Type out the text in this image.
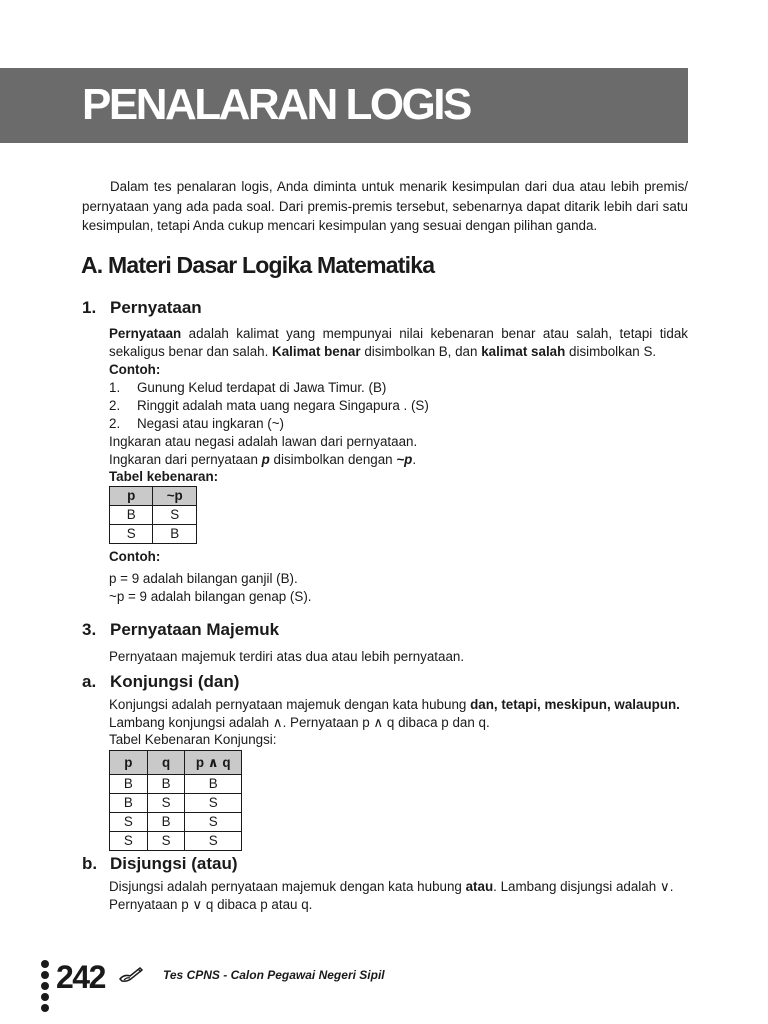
PENALARAN LOGIS

Dalam tes penalaran logis, Anda diminta untuk menarik kesimpulan dari dua atau lebih premis/ pernyataan yang ada pada soal. Dari premis-premis tersebut, sebenarnya dapat ditarik lebih dari satu kesimpulan, tetapi Anda cukup mencari kesimpulan yang sesuai dengan pilihan ganda.

A. Materi Dasar Logika Matematika
1. Pernyataan
Pernyataan adalah kalimat yang mempunyai nilai kebenaran benar atau salah, tetapi tidak sekaligus benar dan salah. Kalimat benar disimbolkan B, dan kalimat salah disimbolkan S.
Contoh:
1. Gunung Kelud terdapat di Jawa Timur. (B)
2. Ringgit adalah mata uang negara Singapura . (S)
2. Negasi atau ingkaran (~)
Ingkaran atau negasi adalah lawan dari pernyataan.
Ingkaran dari pernyataan p disimbolkan dengan ~p.
Tabel kebenaran:
p	~p
B	S
S	B
Contoh:
p = 9 adalah bilangan ganjil (B).
~p = 9 adalah bilangan genap (S).
3. Pernyataan Majemuk
Pernyataan majemuk terdiri atas dua atau lebih pernyataan.
a. Konjungsi (dan)
Konjungsi adalah pernyataan majemuk dengan kata hubung dan, tetapi, meskipun, walaupun.
Lambang konjungsi adalah ∧. Pernyataan p ∧ q dibaca p dan q.
Tabel Kebenaran Konjungsi:
p	q	p ∧ q
B	B	B
B	S	S
S	B	S
S	S	S
b. Disjungsi (atau)
Disjungsi adalah pernyataan majemuk dengan kata hubung atau. Lambang disjungsi adalah ∨.
Pernyataan p ∨ q dibaca p atau q.
242	Tes CPNS - Calon Pegawai Negeri Sipil
